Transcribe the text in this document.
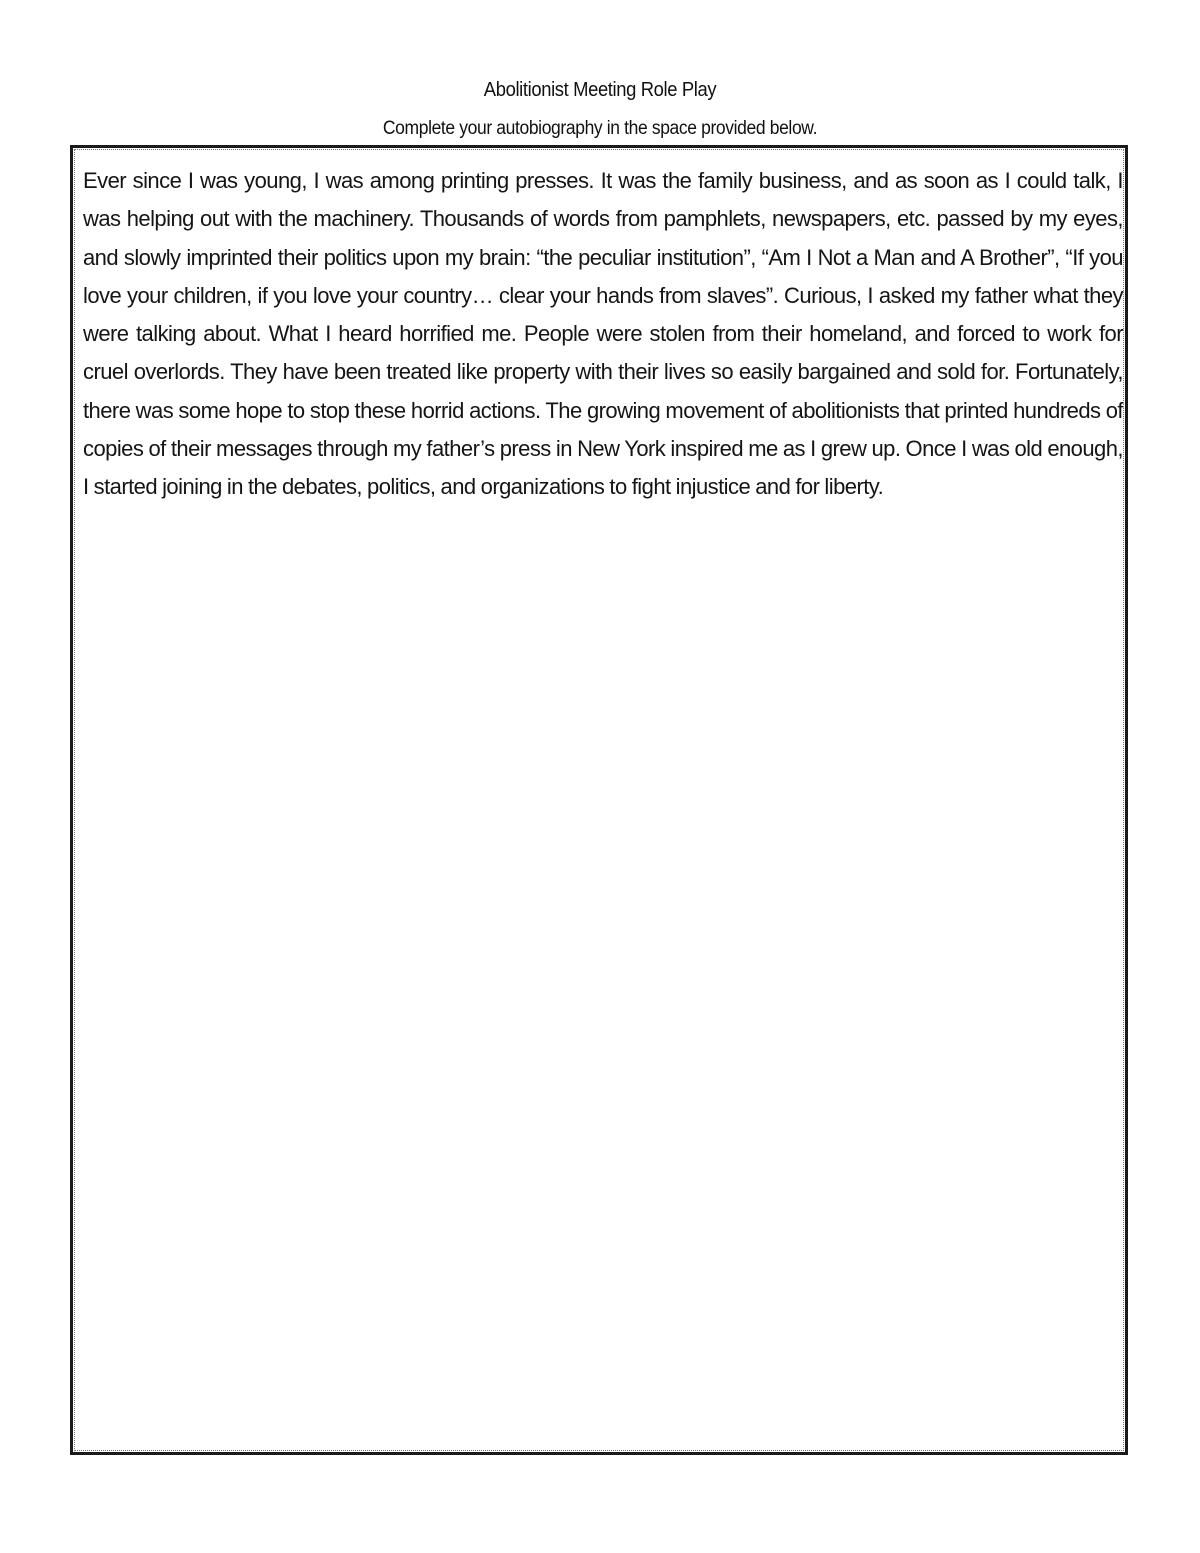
Abolitionist Meeting Role Play
Complete your autobiography in the space provided below.

Ever since I was young, I was among printing presses. It was the family business, and as soon as I could talk, I was helping out with the machinery. Thousands of words from pamphlets, newspapers, etc. passed by my eyes, and slowly imprinted their politics upon my brain: “the peculiar institution”, “Am I Not a Man and A Brother”, “If you love your children, if you love your country… clear your hands from slaves”. Curious, I asked my father what they were talking about. What I heard horrified me. People were stolen from their homeland, and forced to work for cruel overlords. They have been treated like property with their lives so easily bargained and sold for. Fortunately, there was some hope to stop these horrid actions. The growing movement of abolitionists that printed hundreds of copies of their messages through my father’s press in New York inspired me as I grew up. Once I was old enough, I started joining in the debates, politics, and organizations to fight injustice and for liberty.
